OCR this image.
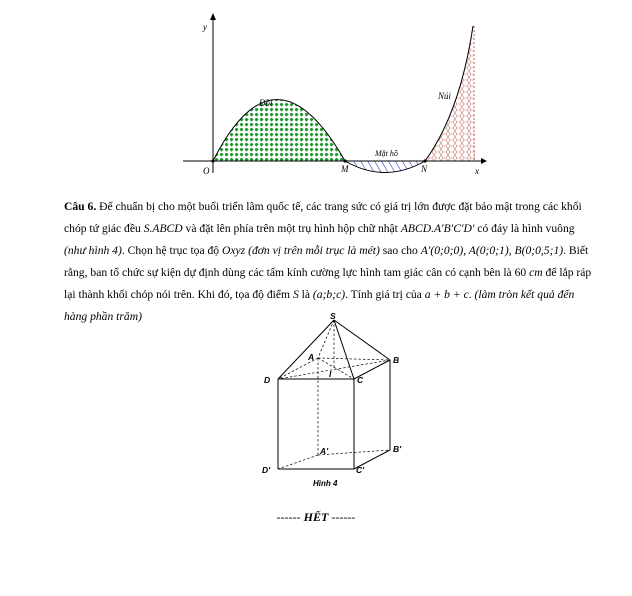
y
x
O	M	N
Đồi
Mặt hồ
Núi
Câu 6. Để chuẩn bị cho một buổi triển lãm quốc tế, các trang sức có giá trị lớn được đặt bảo mật trong các khối chóp tứ giác đều S.ABCD và đặt lên phía trên một trụ hình hộp chữ nhật ABCD.A′B′C′D′ có đáy là hình vuông (như hình 4). Chọn hệ trục tọa độ Oxyz (đơn vị trên mỗi trục là mét) sao cho A′(0;0;0), A(0;0;1), B(0;0,5;1). Biết rằng, ban tổ chức sự kiện dự định dùng các tấm kính cường lực hình tam giác cân có cạnh bên là 60 cm để lắp ráp lại thành khối chóp nói trên. Khi đó, tọa độ điểm S là (a;b;c). Tính giá trị của a + b + c. (làm tròn kết quả đến hàng phần trăm)	S
A	B
C
D
I
A'	B'
C'
D'
Hình 4
------ HẾT ------
